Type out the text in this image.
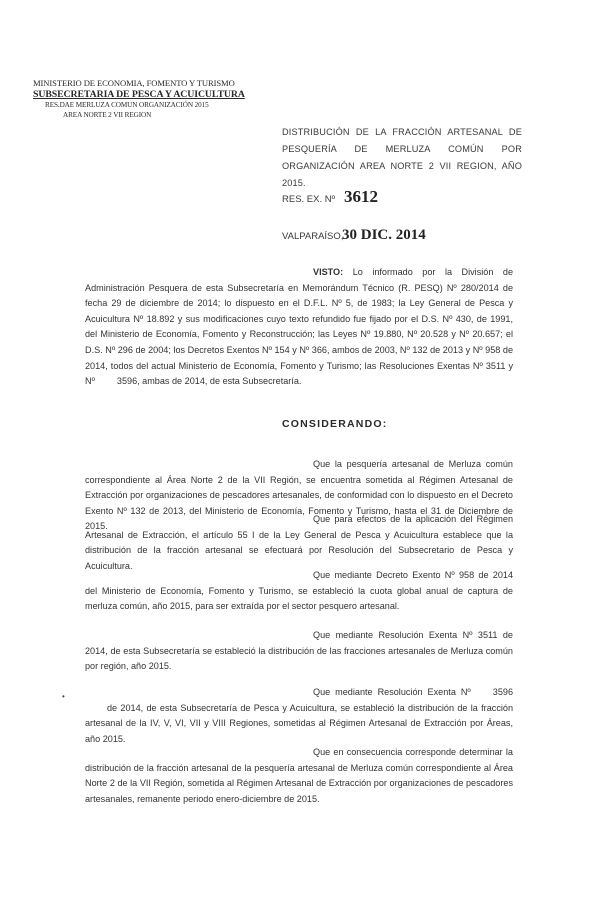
MINISTERIO DE ECONOMIA, FOMENTO Y TURISMO
SUBSECRETARIA DE PESCA Y ACUICULTURA
RES.DAE MERLUZA COMUN ORGANIZACIÓN 2015
AREA NORTE 2 VII REGION
DISTRIBUCIÓN DE LA FRACCIÓN ARTESANAL DE PESQUERÍA DE MERLUZA COMÚN POR ORGANIZACIÓN AREA NORTE 2 VII REGION, AÑO 2015.
RES. EX. Nº 3612
VALPARAÍSO,
30 DIC. 2014
VISTO: Lo informado por la División de Administración Pesquera de esta Subsecretaría en Memorándum Técnico (R. PESQ) Nº 280/2014 de fecha 29 de diciembre de 2014; lo dispuesto en el D.F.L. Nº 5, de 1983; la Ley General de Pesca y Acuicultura Nº 18.892 y sus modificaciones cuyo texto refundido fue fijado por el D.S. Nº 430, de 1991, del Ministerio de Economía, Fomento y Reconstrucción; las Leyes Nº 19.880, Nº 20.528 y Nº 20.657; el D.S. Nº 296 de 2004; los Decretos Exentos Nº 154 y Nº 366, ambos de 2003, Nº 132 de 2013 y Nº 958 de 2014, todos del actual Ministerio de Economía, Fomento y Turismo; las Resoluciones Exentas Nº 3511 y Nº 3596, ambas de 2014, de esta Subsecretaría.
CONSIDERANDO:
Que la pesquería artesanal de Merluza común correspondiente al Área Norte 2 de la VII Región, se encuentra sometida al Régimen Artesanal de Extracción por organizaciones de pescadores artesanales, de conformidad con lo dispuesto en el Decreto Exento Nº 132 de 2013, del Ministerio de Economía, Fomento y Turismo, hasta el 31 de Diciembre de 2015.
Que para efectos de la aplicación del Régimen Artesanal de Extracción, el artículo 55 I de la Ley General de Pesca y Acuicultura establece que la distribución de la fracción artesanal se efectuará por Resolución del Subsecretario de Pesca y Acuicultura.
Que mediante Decreto Exento Nº 958 de 2014 del Ministerio de Economía, Fomento y Turismo, se estableció la cuota global anual de captura de merluza común, año 2015, para ser extraída por el sector pesquero artesanal.
Que mediante Resolución Exenta Nº 3511 de 2014, de esta Subsecretaría se estableció la distribución de las fracciones artesanales de Merluza común por región, año 2015.
•	Que mediante Resolución Exenta Nº 3596de 2014, de esta Subsecretaría de Pesca y Acuicultura, se estableció la distribución de la fracción artesanal de la IV, V, VI, VII y VIII Regiones, sometidas al Régimen Artesanal de Extracción por Áreas, año 2015.
Que en consecuencia corresponde determinar la distribución de la fracción artesanal de la pesquería artesanal de Merluza común correspondiente al Área Norte 2 de la VII Región, sometida al Régimen Artesanal de Extracción por organizaciones de pescadores artesanales, remanente periodo enero-diciembre de 2015.
